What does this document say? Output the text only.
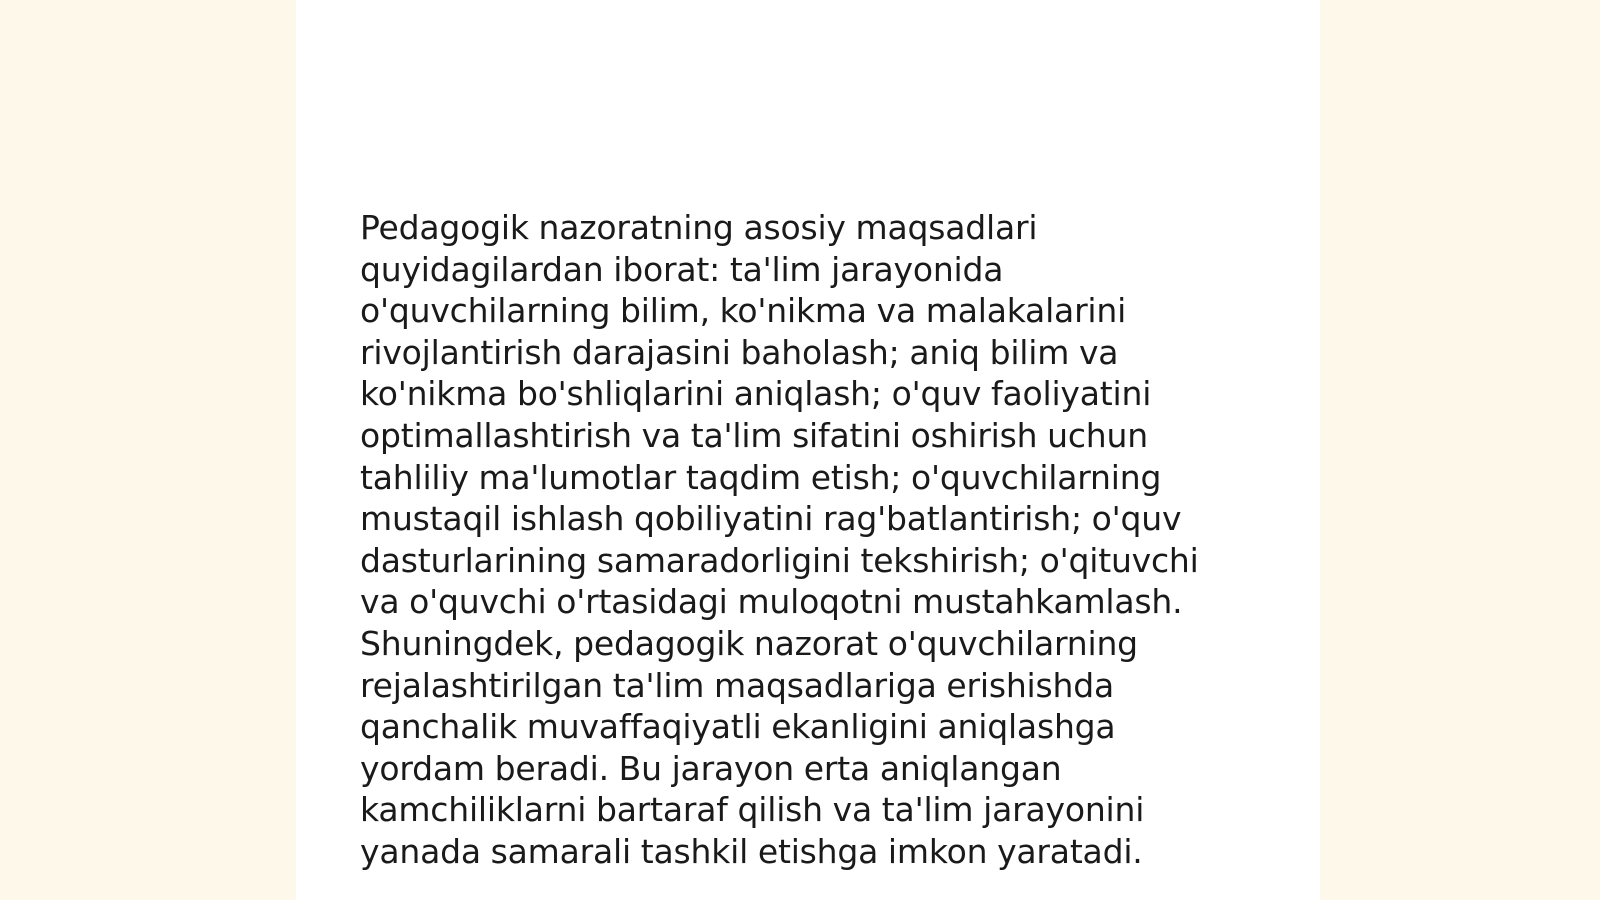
Pedagogik nazoratning asosiy maqsadlari
quyidagilardan iborat: ta'lim jarayonida
o'quvchilarning bilim, ko'nikma va malakalarini
rivojlantirish darajasini baholash; aniq bilim va
ko'nikma bo'shliqlarini aniqlash; o'quv faoliyatini
optimallashtirish va ta'lim sifatini oshirish uchun
tahliliy ma'lumotlar taqdim etish; o'quvchilarning
mustaqil ishlash qobiliyatini rag'batlantirish; o'quv
dasturlarining samaradorligini tekshirish; o'qituvchi
va o'quvchi o'rtasidagi muloqotni mustahkamlash.
Shuningdek, pedagogik nazorat o'quvchilarning
rejalashtirilgan ta'lim maqsadlariga erishishda
qanchalik muvaffaqiyatli ekanligini aniqlashga
yordam beradi. Bu jarayon erta aniqlangan
kamchiliklarni bartaraf qilish va ta'lim jarayonini
yanada samarali tashkil etishga imkon yaratadi.
